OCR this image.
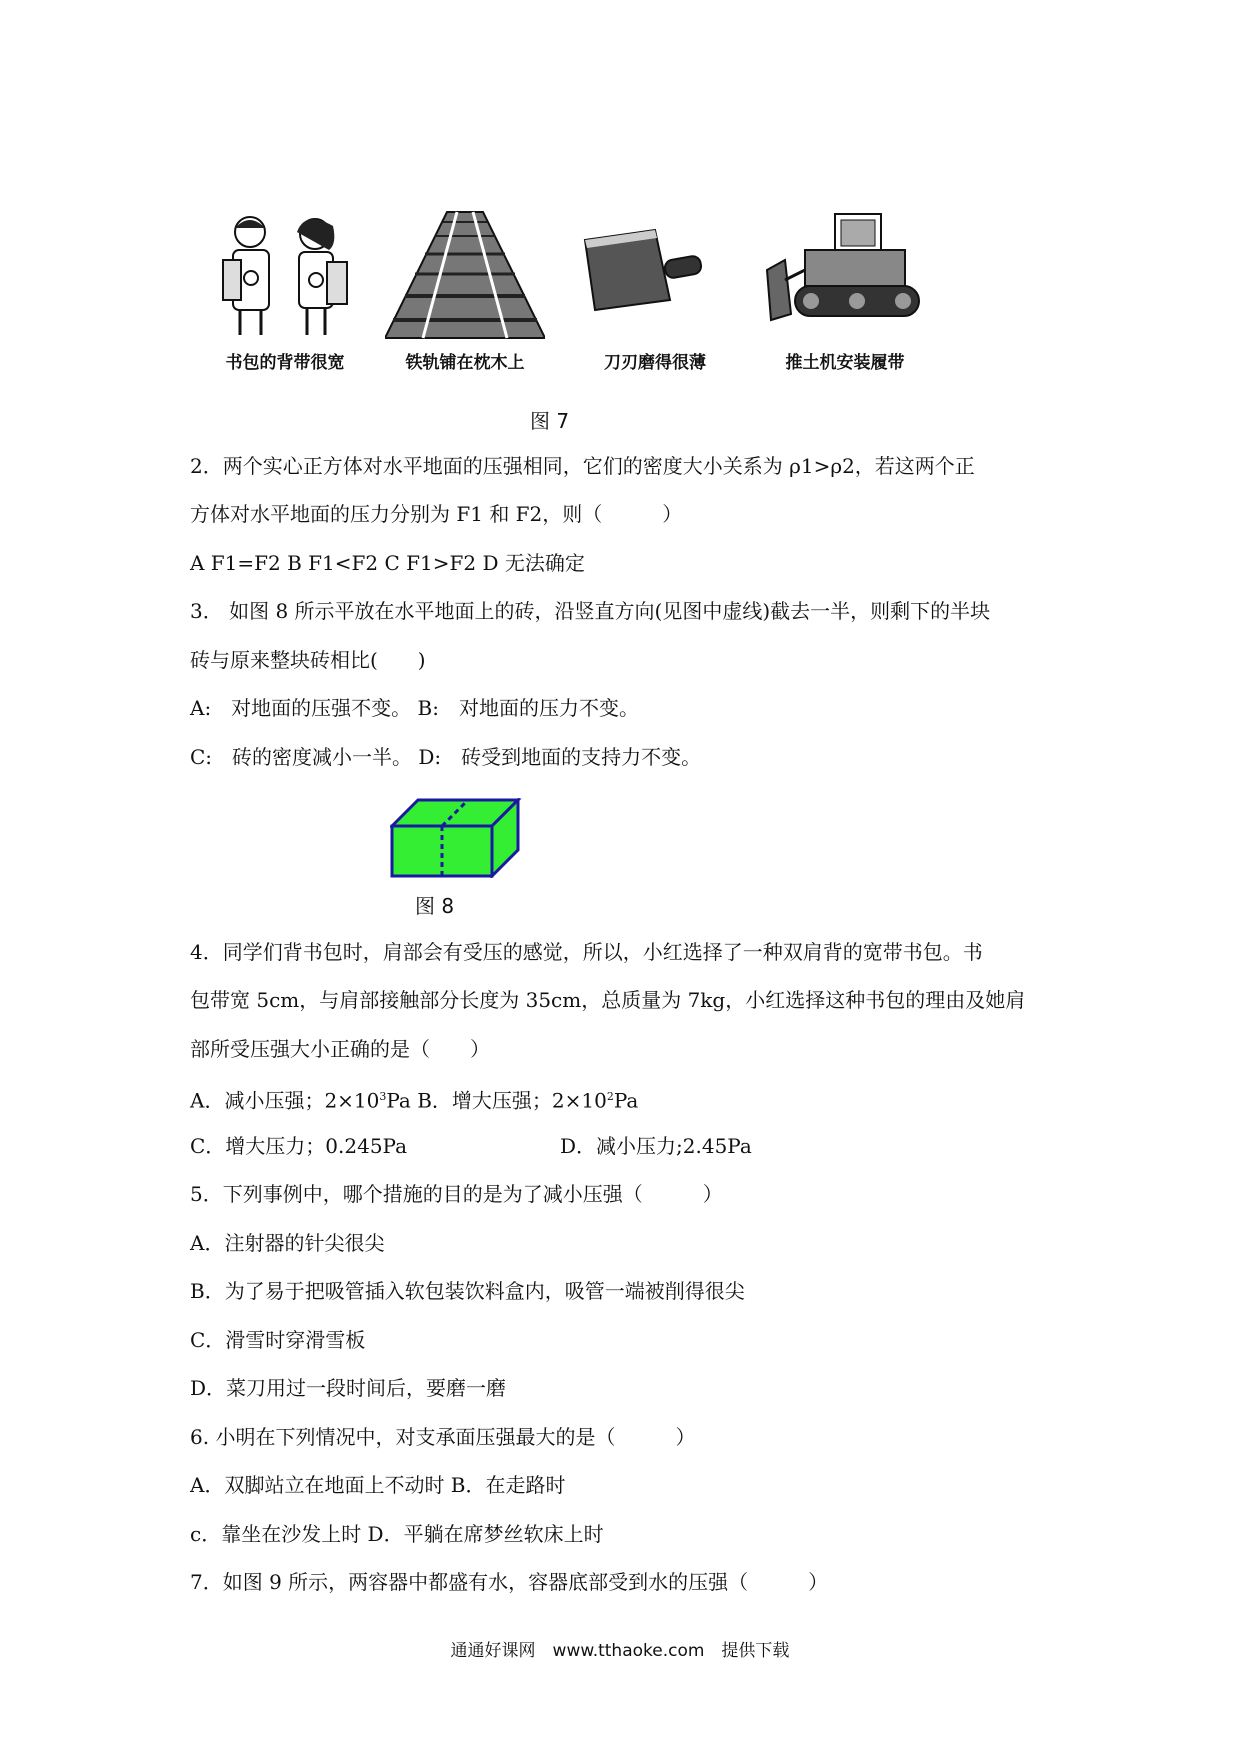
书包的背带很宽	铁轨铺在枕木上	刀刃磨得很薄	推土机安装履带
图 7
2．两个实心正方体对水平地面的压强相同，它们的密度大小关系为 ρ1>ρ2，若这两个正
方体对水平地面的压力分别为 F1 和 F2，则（　　　）
A F1=F2 B F1<F2 C F1>F2 D 无法确定
3． 如图 8 所示平放在水平地面上的砖，沿竖直方向(见图中虚线)截去一半，则剩下的半块
砖与原来整块砖相比(　　)
A:　对地面的压强不变。 B:　对地面的压力不变。
C:　砖的密度减小一半。 D:　砖受到地面的支持力不变。
图 8
4．同学们背书包时，肩部会有受压的感觉，所以，小红选择了一种双肩背的宽带书包。书
包带宽 5cm，与肩部接触部分长度为 35cm，总质量为 7kg，小红选择这种书包的理由及她肩
部所受压强大小正确的是（　　）
A．减小压强；$2\times 10^3Pa$ B．增大压强；$2\times 10^2Pa$
C．增大压力；0.245Pa	D．减小压力;2.45Pa
5．下列事例中，哪个措施的目的是为了减小压强（　　　）
A．注射器的针尖很尖
B．为了易于把吸管插入软包装饮料盒内，吸管一端被削得很尖
C．滑雪时穿滑雪板
D．菜刀用过一段时间后，要磨一磨
6. 小明在下列情况中，对支承面压强最大的是（　　　）
A．双脚站立在地面上不动时 B．在走路时
c．靠坐在沙发上时 D．平躺在席梦丝软床上时
7．如图 9 所示，两容器中都盛有水，容器底部受到水的压强（　　　）
通通好课网　www.tthaoke.com　提供下载
